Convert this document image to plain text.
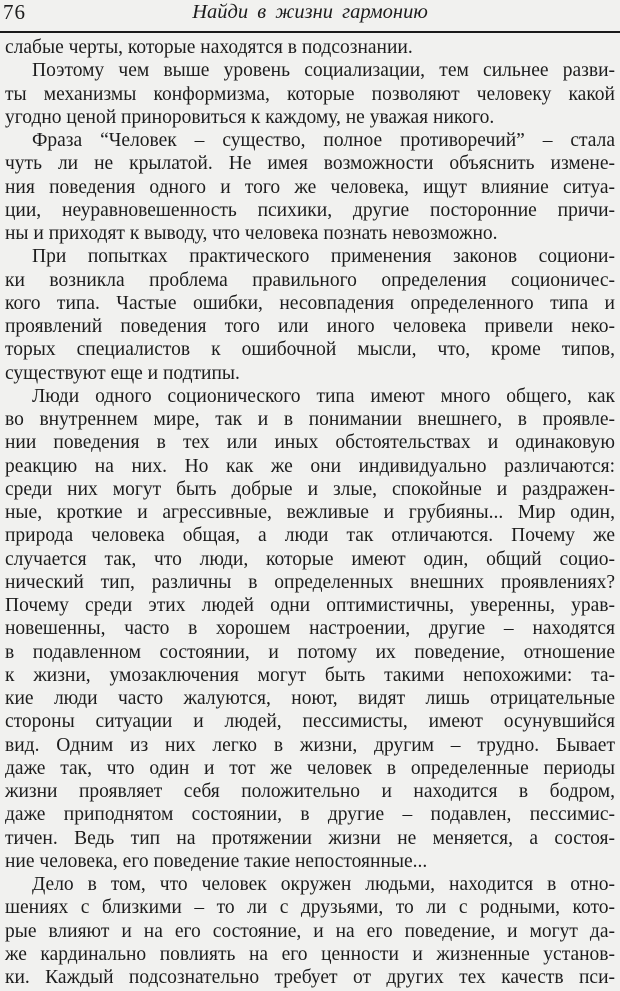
76	Найди в жизни гармонию
слабые черты, которые находятся в подсознании.
Поэтому чем выше уровень социализации, тем сильнее разви-
ты механизмы конформизма, которые позволяют человеку какой
угодно ценой приноровиться к каждому, не уважая никого.
Фраза “Человек – существо, полное противоречий” – стала
чуть ли не крылатой. Не имея возможности объяснить измене-
ния поведения одного и того же человека, ищут влияние ситуа-
ции, неуравновешенность психики, другие посторонние причи-
ны и приходят к выводу, что человека познать невозможно.
При попытках практического применения законов социони-
ки возникла проблема правильного определения соционичес-
кого типа. Частые ошибки, несовпадения определенного типа и
проявлений поведения того или иного человека привели неко-
торых специалистов к ошибочной мысли, что, кроме типов,
существуют еще и подтипы.
Люди одного соционического типа имеют много общего, как
во внутреннем мире, так и в понимании внешнего, в проявле-
нии поведения в тех или иных обстоятельствах и одинаковую
реакцию на них. Но как же они индивидуально различаются:
среди них могут быть добрые и злые, спокойные и раздражен-
ные, кроткие и агрессивные, вежливые и грубияны... Мир один,
природа человека общая, а люди так отличаются. Почему же
случается так, что люди, которые имеют один, общий социо-
нический тип, различны в определенных внешних проявлениях?
Почему среди этих людей одни оптимистичны, уверенны, урав-
новешенны, часто в хорошем настроении, другие – находятся
в подавленном состоянии, и потому их поведение, отношение
к жизни, умозаключения могут быть такими непохожими: та-
кие люди часто жалуются, ноют, видят лишь отрицательные
стороны ситуации и людей, пессимисты, имеют осунувшийся
вид. Одним из них легко в жизни, другим – трудно. Бывает
даже так, что один и тот же человек в определенные периоды
жизни проявляет себя положительно и находится в бодром,
даже приподнятом состоянии, в другие – подавлен, пессимис-
тичен. Ведь тип на протяжении жизни не меняется, а состоя-
ние человека, его поведение такие непостоянные...
Дело в том, что человек окружен людьми, находится в отно-
шениях с близкими – то ли с друзьями, то ли с родными, кото-
рые влияют и на его состояние, и на его поведение, и могут да-
же кардинально повлиять на его ценности и жизненные установ-
ки. Каждый подсознательно требует от других тех качеств пси-
